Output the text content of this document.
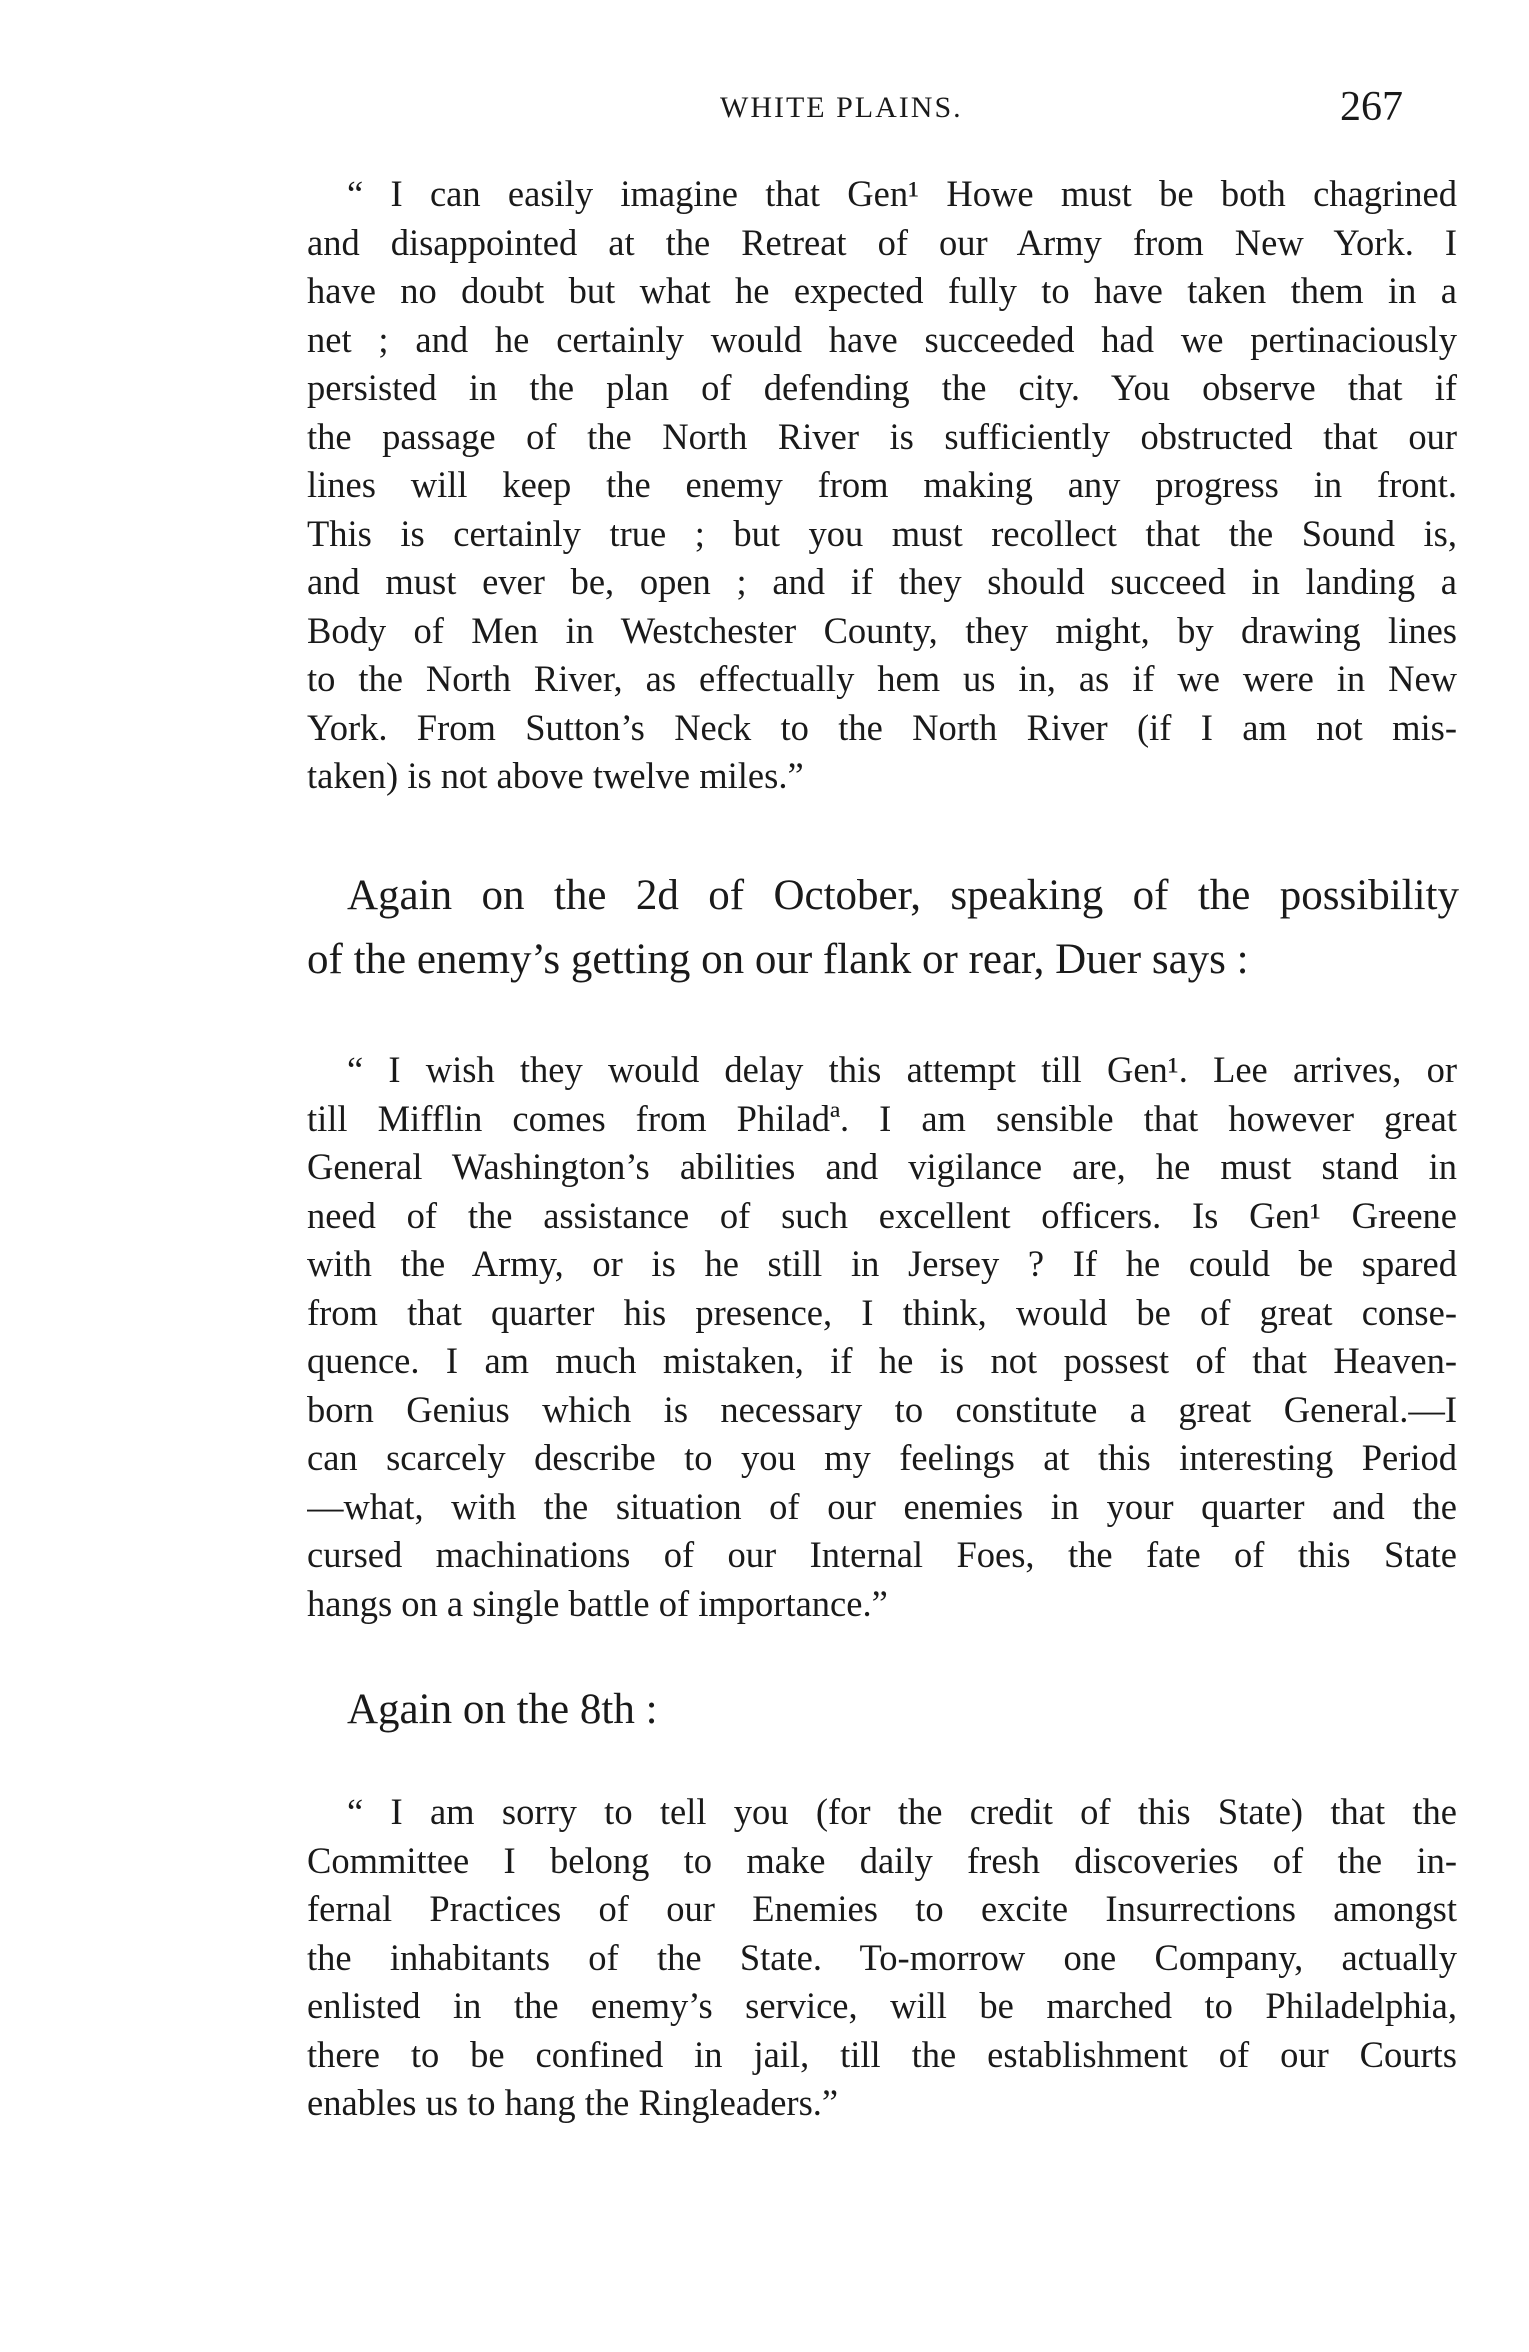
WHITE PLAINS.	267

“ I can easily imagine that Gen¹ Howe must be both chagrined
and disappointed at the Retreat of our Army from New York. I
have no doubt but what he expected fully to have taken them in a
net ; and he certainly would have succeeded had we pertinaciously
persisted in the plan of defending the city. You observe that if
the passage of the North River is sufficiently obstructed that our
lines will keep the enemy from making any progress in front.
This is certainly true ; but you must recollect that the Sound is,
and must ever be, open ; and if they should succeed in landing a
Body of Men in Westchester County, they might, by drawing lines
to the North River, as effectually hem us in, as if we were in New
York. From Sutton’s Neck to the North River (if I am not mis-
taken) is not above twelve miles.”

Again on the 2d of October, speaking of the possibility
of the enemy’s getting on our flank or rear, Duer says :

“ I wish they would delay this attempt till Gen¹. Lee arrives, or
till Mifflin comes from Philadª. I am sensible that however great
General Washington’s abilities and vigilance are, he must stand in
need of the assistance of such excellent officers. Is Gen¹ Greene
with the Army, or is he still in Jersey ? If he could be spared
from that quarter his presence, I think, would be of great conse-
quence. I am much mistaken, if he is not possest of that Heaven-
born Genius which is necessary to constitute a great General.—I
can scarcely describe to you my feelings at this interesting Period
—what, with the situation of our enemies in your quarter and the
cursed machinations of our Internal Foes, the fate of this State
hangs on a single battle of importance.”

Again on the 8th :

“ I am sorry to tell you (for the credit of this State) that the
Committee I belong to make daily fresh discoveries of the in-
fernal Practices of our Enemies to excite Insurrections amongst
the inhabitants of the State. To-morrow one Company, actually
enlisted in the enemy’s service, will be marched to Philadelphia,
there to be confined in jail, till the establishment of our Courts
enables us to hang the Ringleaders.”
